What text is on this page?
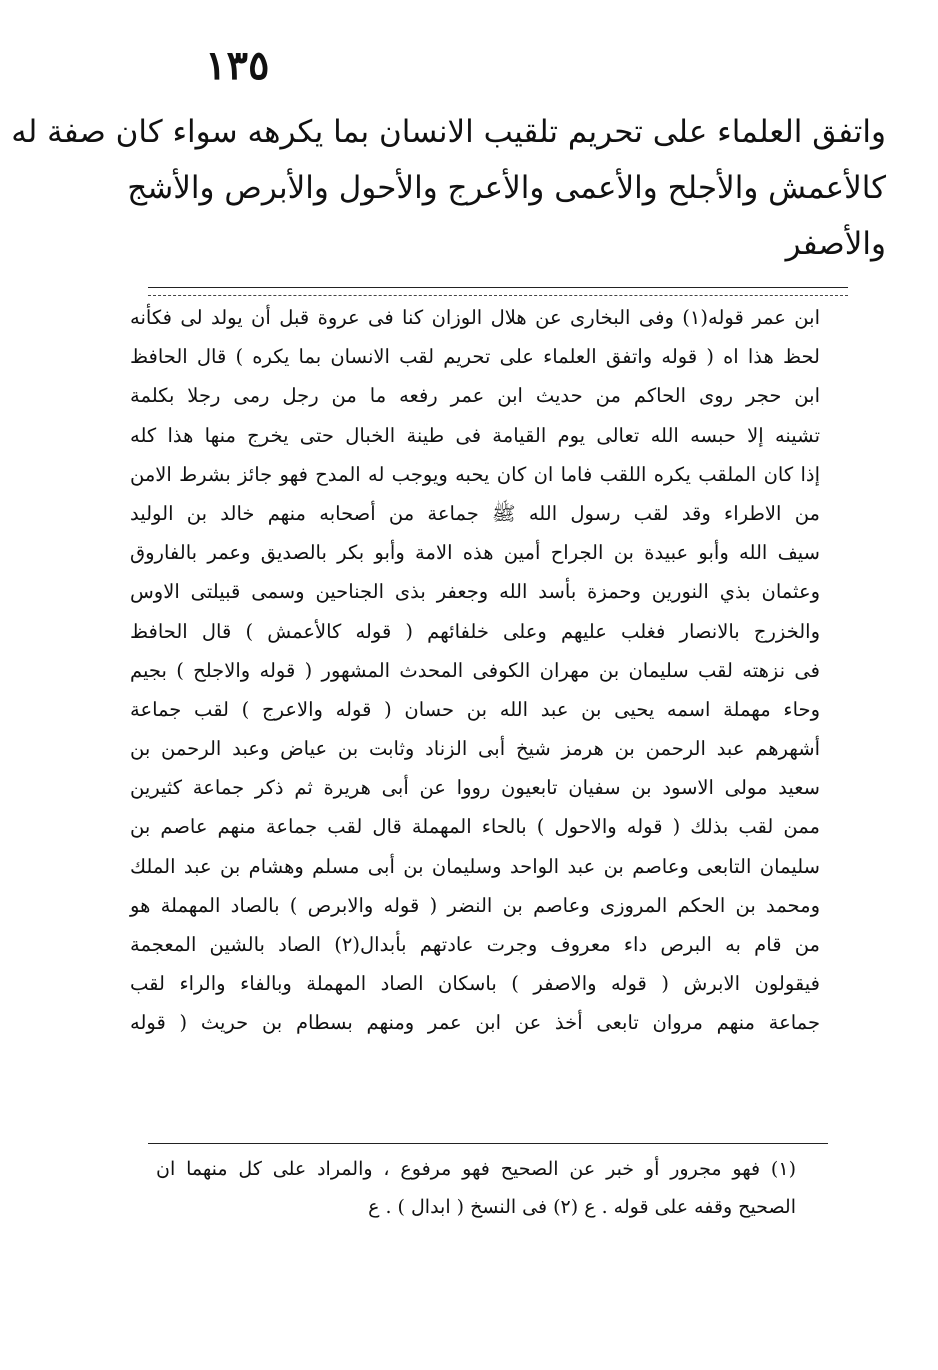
١٣٥
واتفق العلماء على تحريم تلقيب الانسان بما يكرهه سواء كان صفة له
كالأعمش والأجلح والأعمى والأعرج والأحول والأبرص والأشج
والأصفر
ابن عمر قوله(١) وفى البخارى عن هلال الوزان كنا فى عروة قبل أن يولد لى فكأنه
لحظ هذا اه ( قوله واتفق العلماء على تحريم لقب الانسان بما يكره ) قال الحافظ
ابن حجر روى الحاكم من حديث ابن عمر رفعه ما من رجل رمى رجلا بكلمة
تشينه إلا حبسه الله تعالى يوم القيامة فى طينة الخبال حتى يخرج منها هذا كله
إذا كان الملقب يكره اللقب فاما ان كان يحبه ويوجب له المدح فهو جائز بشرط الامن
من الاطراء وقد لقب رسول الله ﷺ جماعة من أصحابه منهم خالد بن الوليد
سيف الله وأبو عبيدة بن الجراح أمين هذه الامة وأبو بكر بالصديق وعمر بالفاروق
وعثمان بذي النورين وحمزة بأسد الله وجعفر بذى الجناحين وسمى قبيلتى الاوس
والخزرج بالانصار فغلب عليهم وعلى خلفائهم ( قوله كالأعمش ) قال الحافظ
فى نزهته لقب سليمان بن مهران الكوفى المحدث المشهور ( قوله والاجلح ) بجيم
وحاء مهملة اسمه يحيى بن عبد الله بن حسان ( قوله والاعرج ) لقب جماعة
أشهرهم عبد الرحمن بن هرمز شيخ أبى الزناد وثابت بن عياض وعبد الرحمن بن
سعيد مولى الاسود بن سفيان تابعيون رووا عن أبى هريرة ثم ذكر جماعة كثيرين
ممن لقب بذلك ( قوله والاحول ) بالحاء المهملة قال لقب جماعة منهم عاصم بن
سليمان التابعى وعاصم بن عبد الواحد وسليمان بن أبى مسلم وهشام بن عبد الملك
ومحمد بن الحكم المروزى وعاصم بن النضر ( قوله والابرص ) بالصاد المهملة هو
من قام به البرص داء معروف وجرت عادتهم بأبدال(٢) الصاد بالشين المعجمة
فيقولون الابرش ( قوله والاصفر ) باسكان الصاد المهملة وبالفاء والراء لقب
جماعة منهم مروان تابعى أخذ عن ابن عمر ومنهم بسطام بن حريث ( قوله
(١) فهو مجرور أو خبر عن الصحيح فهو مرفوع ، والمراد على كل منهما ان
الصحيح وقفه على قوله . ع (٢) فى النسخ ( ابدال ) . ع
